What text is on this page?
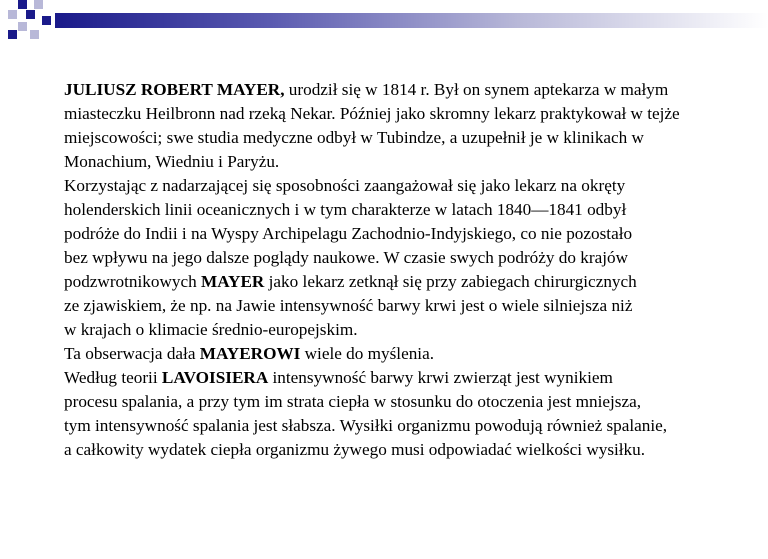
JULIUSZ ROBERT MAYER, urodził się w 1814 r. Był on synem aptekarza w małym

miasteczku Heilbronn nad rzeką Nekar. Później jako skromny lekarz praktykował w tejże

miejscowości; swe studia medyczne odbył w Tubindze, a uzupełnił je w klinikach w

Monachium, Wiedniu i Paryżu.

Korzystając z nadarzającej się sposobności zaangażował się jako lekarz na okręty

holenderskich linii oceanicznych i w tym charakterze w latach 1840—1841 odbył

podróże do Indii i na Wyspy Archipelagu Zachodnio-Indyjskiego, co nie pozostało

bez wpływu na jego dalsze poglądy naukowe. W czasie swych podróży do krajów

podzwrotnikowych MAYER jako lekarz zetknął się przy zabiegach chirurgicznych

ze zjawiskiem, że np. na Jawie intensywność barwy krwi jest o wiele silniejsza niż

w krajach o klimacie średnio-europejskim.

Ta obserwacja dała MAYEROWI wiele do myślenia.

Według teorii LAVOISIERA intensywność barwy krwi zwierząt jest wynikiem

procesu spalania, a przy tym im strata ciepła w stosunku do otoczenia jest mniejsza,

tym intensywność spalania jest słabsza. Wysiłki organizmu powodują również spalanie,

a całkowity wydatek ciepła organizmu żywego musi odpowiadać wielkości wysiłku.
